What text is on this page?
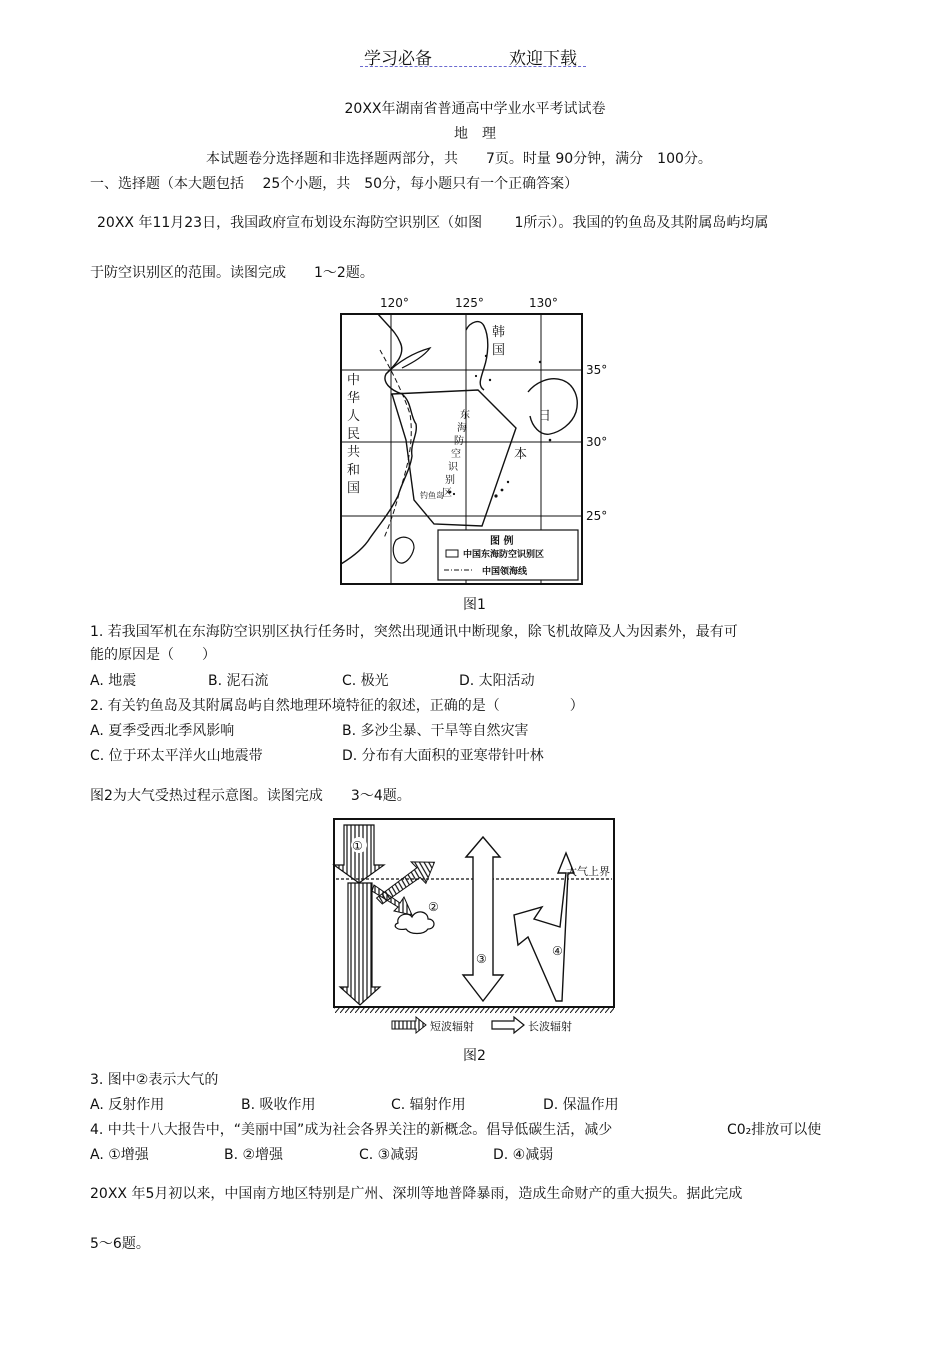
学习必备	欢迎下载
20XX年湖南省普通高中学业水平考试试卷
地　理
本试题卷分选择题和非选择题两部分，共　　7页。时量 90分钟，满分　100分。
一、选择题（本大题包括　 25个小题，共　50分，每小题只有一个正确答案）
20XX 年11月23日，我国政府宣布划设东海防空识别区（如图　　 1所示）。我国的钓鱼岛及其附属岛屿均属
于防空识别区的范围。读图完成　　1～2题。
120°	125°	130°
35°
30°
25°
中 华 人 民 共 和 国
韩 国
日
本
东 海 防 空 识 别 区
钓鱼岛
图 例
中国东海防空识别区
中国领海线
图1
1. 若我国军机在东海防空识别区执行任务时，突然出现通讯中断现象，除飞机故障及人为因素外，最有可
能的原因是（　　）
A. 地震	B. 泥石流	C. 极光	D. 太阳活动
2. 有关钓鱼岛及其附属岛屿自然地理环境特征的叙述，正确的是（　　　　　）
A. 夏季受西北季风影响	B. 多沙尘暴、干旱等自然灾害
C. 位于环太平洋火山地震带	D. 分布有大面积的亚寒带针叶林
图2为大气受热过程示意图。读图完成　　3～4题。
①
②
③
④
大气上界
短波辐射	长波辐射
图2
3. 图中②表示大气的
A. 反射作用	B. 吸收作用	C. 辐射作用	D. 保温作用
4. 中共十八大报告中，“美丽中国”成为社会各界关注的新概念。倡导低碳生活，减少	C0₂排放可以使
A. ①增强	B. ②增强	C. ③减弱	D. ④减弱
20XX 年5月初以来，中国南方地区特别是广州、深圳等地普降暴雨，造成生命财产的重大损失。据此完成
5～6题。
